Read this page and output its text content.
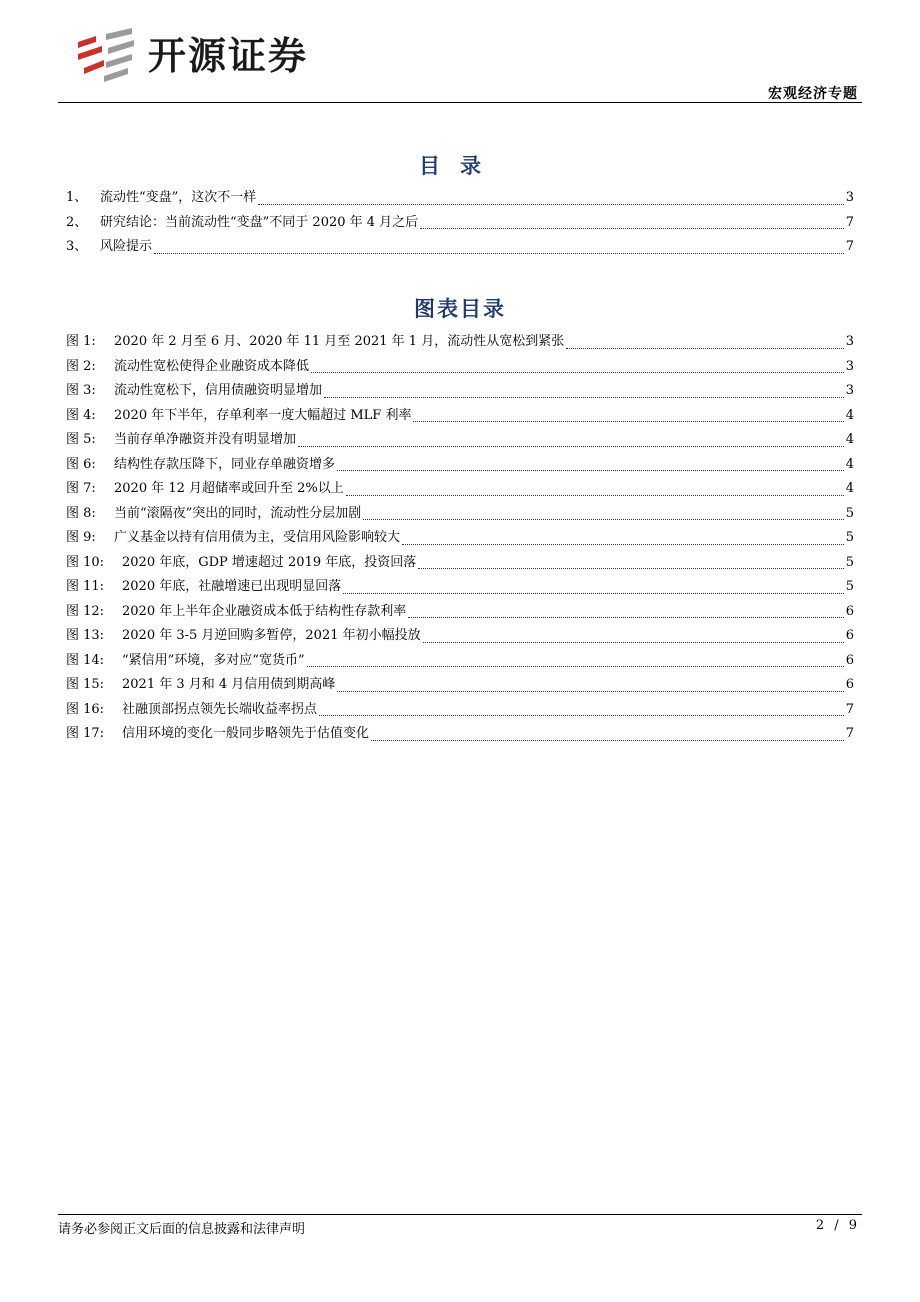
开源证券
宏观经济专题
目录
1、 流动性“变盘”，这次不一样	3
2、 研究结论：当前流动性“变盘”不同于 2020 年 4 月之后	7
3、 风险提示	7
图表目录
图 1:	2020 年 2 月至 6 月、2020 年 11 月至 2021 年 1 月，流动性从宽松到紧张	3
图 2:	流动性宽松使得企业融资成本降低	3
图 3:	流动性宽松下，信用债融资明显增加	3
图 4:	2020 年下半年，存单利率一度大幅超过 MLF 利率	4
图 5:	当前存单净融资并没有明显增加	4
图 6:	结构性存款压降下，同业存单融资增多	4
图 7:	2020 年 12 月超储率或回升至 2%以上	4
图 8:	当前“滚隔夜”突出的同时，流动性分层加剧	5
图 9:	广义基金以持有信用债为主，受信用风险影响较大	5
图 10:	2020 年底，GDP 增速超过 2019 年底，投资回落	5
图 11:	2020 年底，社融增速已出现明显回落	5
图 12:	2020 年上半年企业融资成本低于结构性存款利率	6
图 13:	2020 年 3-5 月逆回购多暂停，2021 年初小幅投放	6
图 14:	“紧信用”环境，多对应“宽货币”	6
图 15:	2021 年 3 月和 4 月信用债到期高峰	6
图 16:	社融顶部拐点领先长端收益率拐点	7
图 17:	信用环境的变化一般同步略领先于估值变化	7
请务必参阅正文后面的信息披露和法律声明	2 / 9
